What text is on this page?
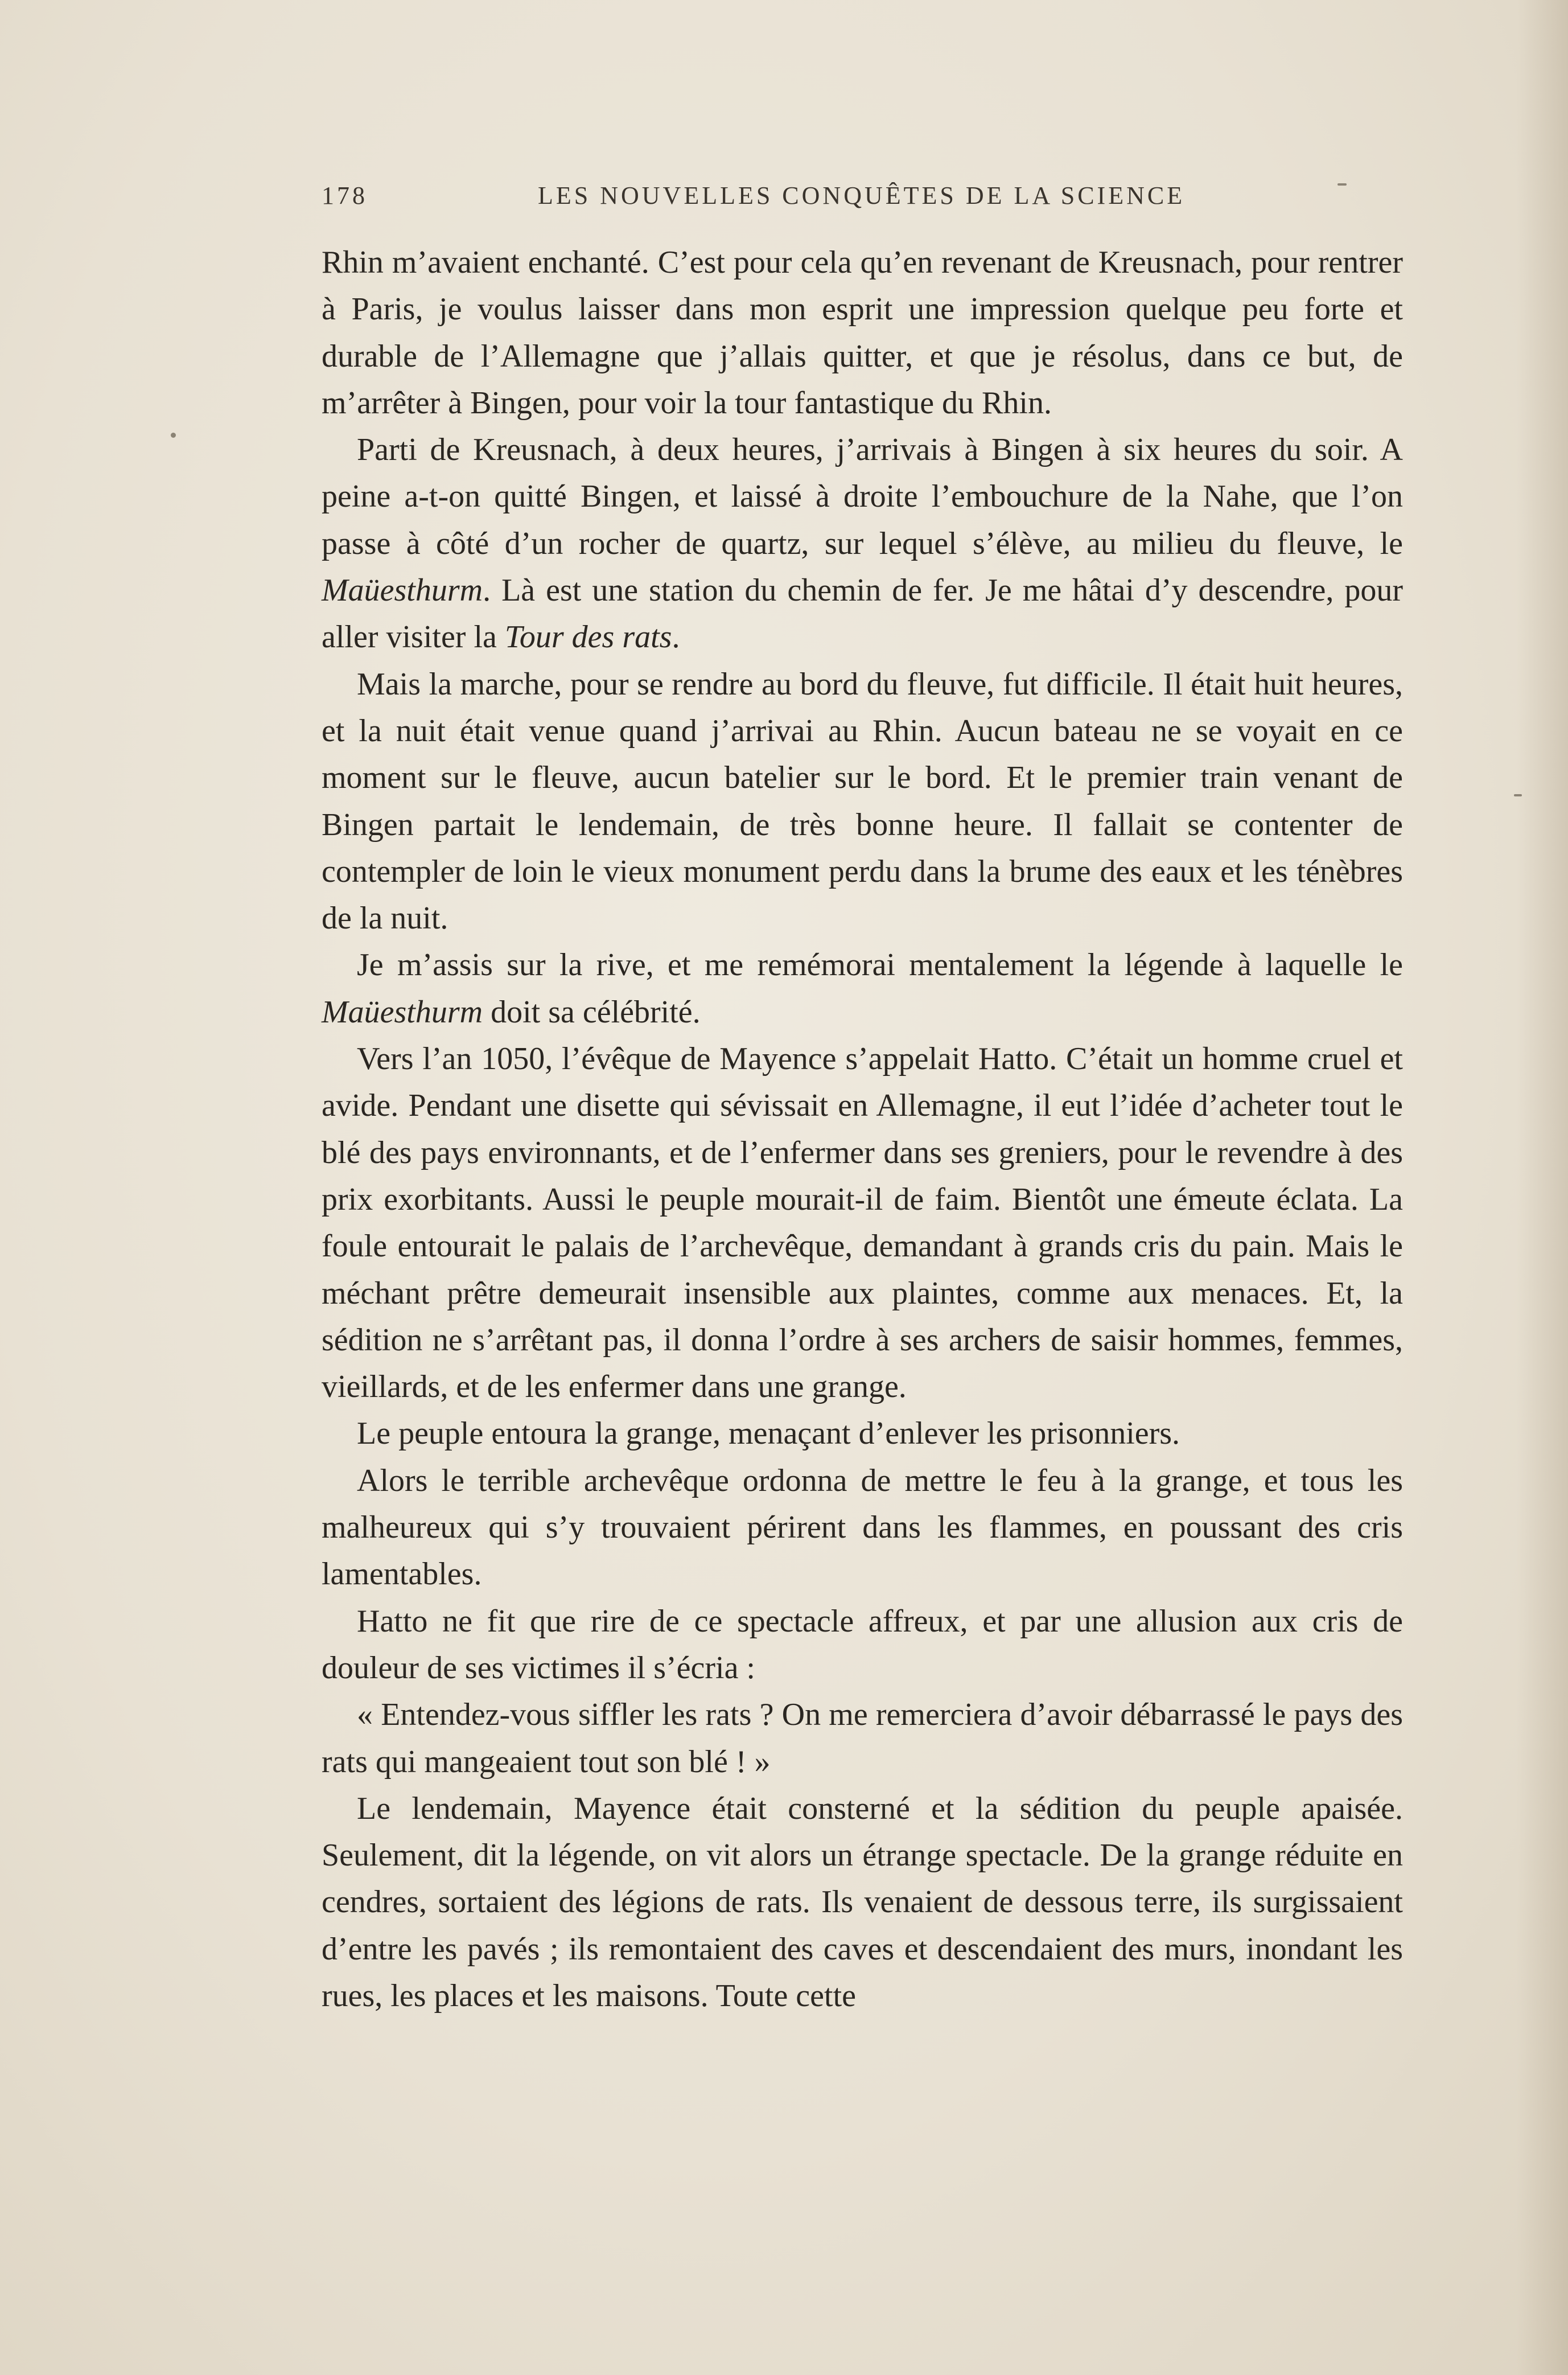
178	LES NOUVELLES CONQUÊTES DE LA SCIENCE

Rhin m’avaient enchanté. C’est pour cela qu’en revenant de Kreusnach, pour rentrer à Paris, je voulus laisser dans mon esprit une impression quelque peu forte et durable de l’Allemagne que j’allais quitter, et que je résolus, dans ce but, de m’arrêter à Bingen, pour voir la tour fantastique du Rhin.

Parti de Kreusnach, à deux heures, j’arrivais à Bingen à six heures du soir. A peine a-t-on quitté Bingen, et laissé à droite l’embouchure de la Nahe, que l’on passe à côté d’un rocher de quartz, sur lequel s’élève, au milieu du fleuve, le Maüesthurm. Là est une station du chemin de fer. Je me hâtai d’y descendre, pour aller visiter la Tour des rats.

Mais la marche, pour se rendre au bord du fleuve, fut difficile. Il était huit heures, et la nuit était venue quand j’arrivai au Rhin. Aucun bateau ne se voyait en ce moment sur le fleuve, aucun batelier sur le bord. Et le premier train venant de Bingen partait le lendemain, de très bonne heure. Il fallait se contenter de contempler de loin le vieux monument perdu dans la brume des eaux et les ténèbres de la nuit.

Je m’assis sur la rive, et me remémorai mentalement la légende à laquelle le Maüesthurm doit sa célébrité.

Vers l’an 1050, l’évêque de Mayence s’appelait Hatto. C’était un homme cruel et avide. Pendant une disette qui sévissait en Allemagne, il eut l’idée d’acheter tout le blé des pays environnants, et de l’enfermer dans ses greniers, pour le revendre à des prix exorbitants. Aussi le peuple mourait-il de faim. Bientôt une émeute éclata. La foule entourait le palais de l’archevêque, demandant à grands cris du pain. Mais le méchant prêtre demeurait insensible aux plaintes, comme aux menaces. Et, la sédition ne s’arrêtant pas, il donna l’ordre à ses archers de saisir hommes, femmes, vieillards, et de les enfermer dans une grange.

Le peuple entoura la grange, menaçant d’enlever les prisonniers.

Alors le terrible archevêque ordonna de mettre le feu à la grange, et tous les malheureux qui s’y trouvaient périrent dans les flammes, en poussant des cris lamentables.

Hatto ne fit que rire de ce spectacle affreux, et par une allusion aux cris de douleur de ses victimes il s’écria :

« Entendez-vous siffler les rats ? On me remerciera d’avoir débarrassé le pays des rats qui mangeaient tout son blé ! »

Le lendemain, Mayence était consterné et la sédition du peuple apaisée. Seulement, dit la légende, on vit alors un étrange spectacle. De la grange réduite en cendres, sortaient des légions de rats. Ils venaient de dessous terre, ils surgissaient d’entre les pavés ; ils remontaient des caves et descendaient des murs, inondant les rues, les places et les maisons. Toute cette
